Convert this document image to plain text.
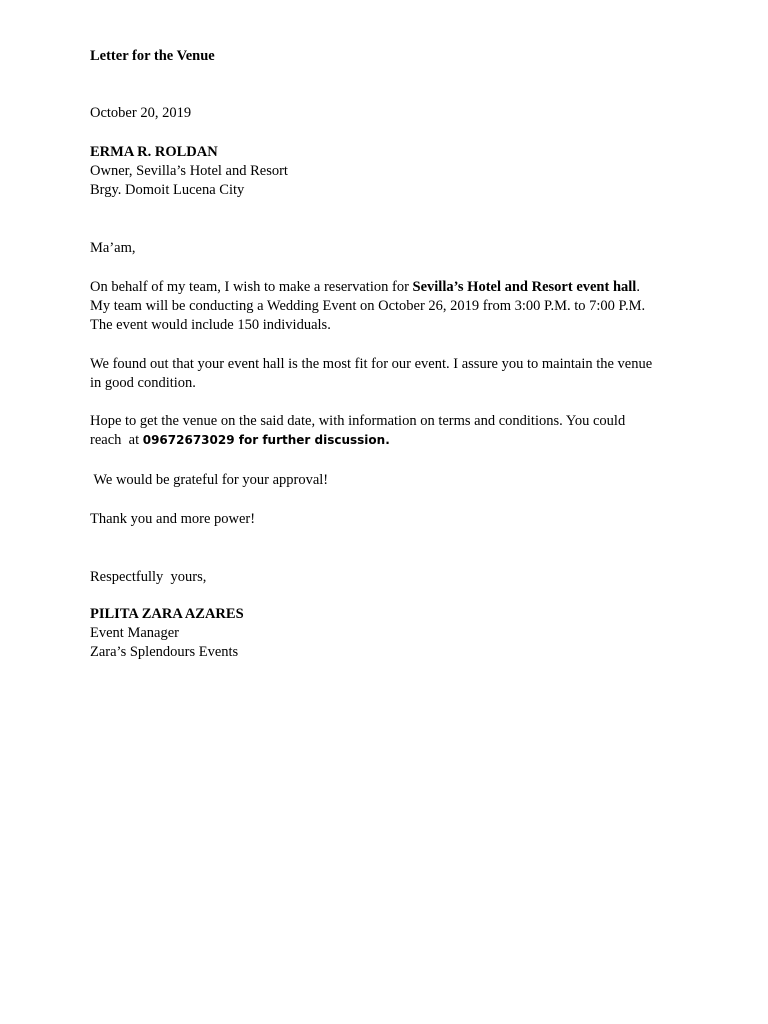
Letter for the Venue
October 20, 2019
ERMA R. ROLDAN
Owner, Sevilla’s Hotel and Resort
Brgy. Domoit Lucena City
Ma’am,
On behalf of my team, I wish to make a reservation for Sevilla’s Hotel and Resort event hall.
My team will be conducting a Wedding Event on October 26, 2019 from 3:00 P.M. to 7:00 P.M.
The event would include 150 individuals.
We found out that your event hall is the most fit for our event. I assure you to maintain the venue
in good condition.
Hope to get the venue on the said date, with information on terms and conditions. You could
reach  at 09672673029 for further discussion.
We would be grateful for your approval!
Thank you and more power!
Respectfully  yours,
PILITA ZARA AZARES
Event Manager
Zara’s Splendours Events
